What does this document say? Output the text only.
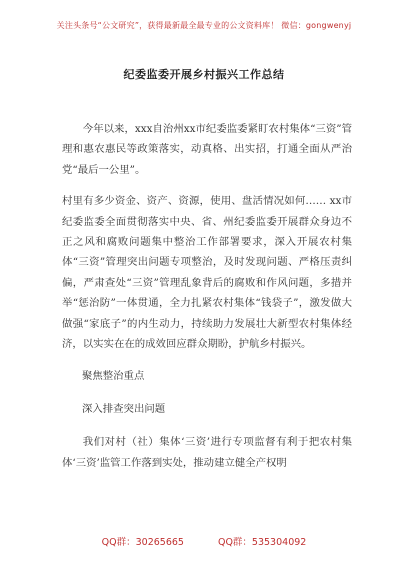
关注头条号“公文研究”，获得最新最全最专业的公文资料库！ 微信：gongwenyj
纪委监委开展乡村振兴工作总结

今年以来，xxx自治州xx市纪委监委紧盯农村集体“三资”管理和惠农惠民等政策落实，动真格、出实招，打通全面从严治党“最后一公里”。

村里有多少资金、资产、资源，使用、盘活情况如何…… xx市纪委监委全面贯彻落实中央、省、州纪委监委开展群众身边不正之风和腐败问题集中整治工作部署要求，深入开展农村集体“三资”管理突出问题专项整治，及时发现问题、严格压责纠偏，严肃查处“三资”管理乱象背后的腐败和作风问题，多措并举“惩治防”一体贯通，全力扎紧农村集体“钱袋子”，激发做大做强“家底子”的内生动力，持续助力发展壮大新型农村集体经济，以实实在在的成效回应群众期盼，护航乡村振兴。

聚焦整治重点

深入排查突出问题

我们对村（社）集体‘三资’进行专项监督有利于把农村集体‘三资’监管工作落到实处，推动建立健全产权明

QQ群：30265665	QQ群：535304092
